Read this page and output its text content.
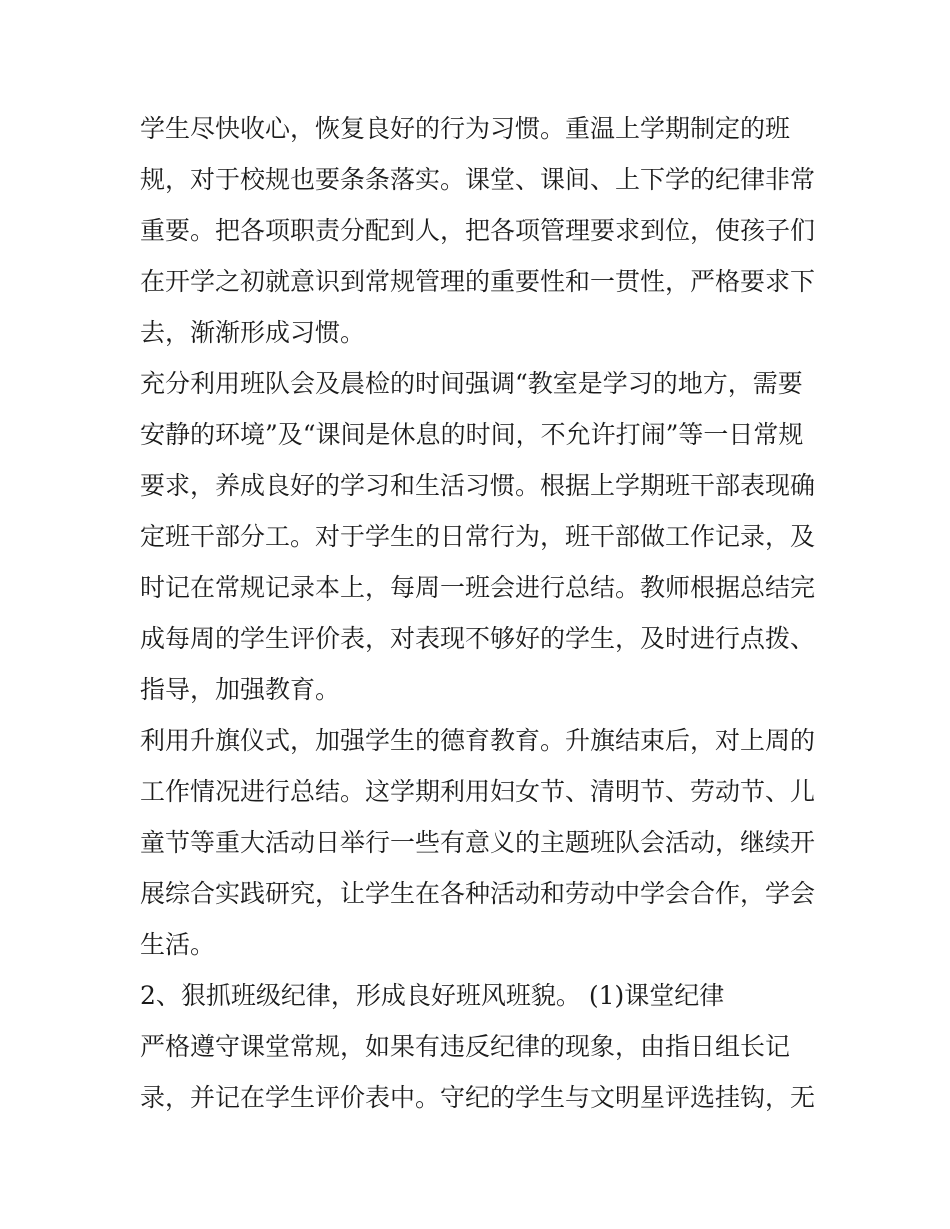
学生尽快收心，恢复良好的行为习惯。重温上学期制定的班
规，对于校规也要条条落实。课堂、课间、上下学的纪律非常
重要。把各项职责分配到人，把各项管理要求到位，使孩子们
在开学之初就意识到常规管理的重要性和一贯性，严格要求下
去，渐渐形成习惯。
充分利用班队会及晨检的时间强调“教室是学习的地方，需要
安静的环境”及“课间是休息的时间，不允许打闹”等一日常规
要求，养成良好的学习和生活习惯。根据上学期班干部表现确
定班干部分工。对于学生的日常行为，班干部做工作记录，及
时记在常规记录本上，每周一班会进行总结。教师根据总结完
成每周的学生评价表，对表现不够好的学生，及时进行点拨、
指导，加强教育。
利用升旗仪式，加强学生的德育教育。升旗结束后，对上周的
工作情况进行总结。这学期利用妇女节、清明节、劳动节、儿
童节等重大活动日举行一些有意义的主题班队会活动，继续开
展综合实践研究，让学生在各种活动和劳动中学会合作，学会
生活。
2、狠抓班级纪律，形成良好班风班貌。 (1)课堂纪律
严格遵守课堂常规，如果有违反纪律的现象，由指日组长记
录，并记在学生评价表中。守纪的学生与文明星评选挂钩，无
